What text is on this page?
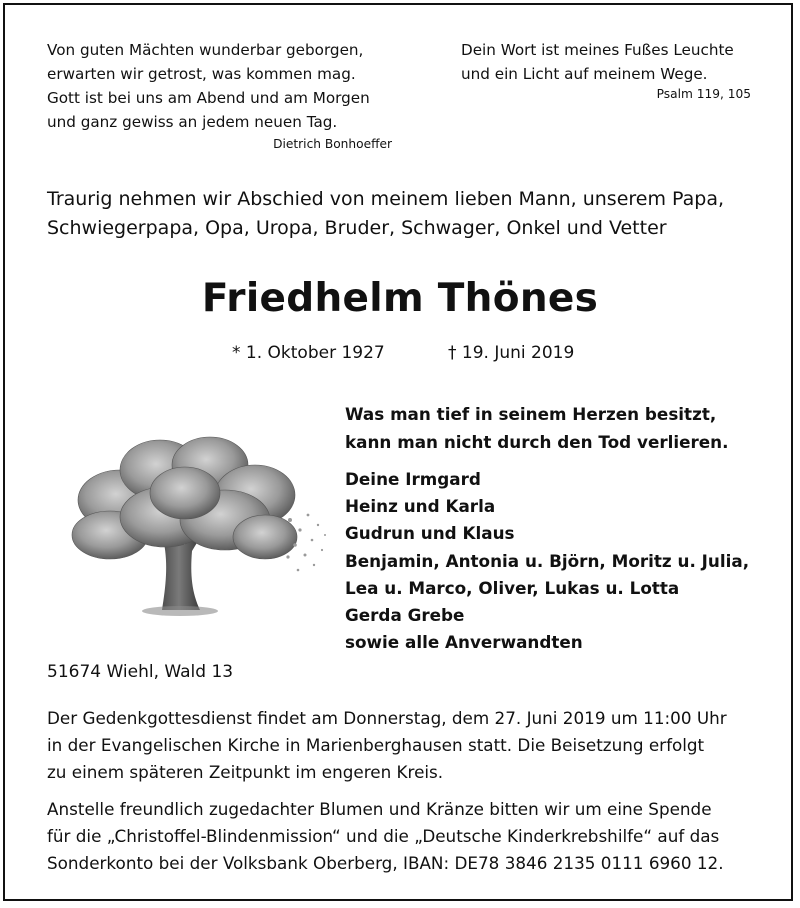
Von guten Mächten wunderbar geborgen,
erwarten wir getrost, was kommen mag.
Gott ist bei uns am Abend und am Morgen
und ganz gewiss an jedem neuen Tag.
Dietrich Bonhoeffer
Dein Wort ist meines Fußes Leuchte
und ein Licht auf meinem Wege.
Psalm 119, 105
Traurig nehmen wir Abschied von meinem lieben Mann, unserem Papa,
Schwiegerpapa, Opa, Uropa, Bruder, Schwager, Onkel und Vetter
Friedhelm Thönes
* 1. Oktober 1927	† 19. Juni 2019
Was man tief in seinem Herzen besitzt,
kann man nicht durch den Tod verlieren.
Deine Irmgard
Heinz und Karla
Gudrun und Klaus
Benjamin, Antonia u. Björn, Moritz u. Julia,
Lea u. Marco, Oliver, Lukas u. Lotta
Gerda Grebe
sowie alle Anverwandten
51674 Wiehl, Wald 13
Der Gedenkgottesdienst findet am Donnerstag, dem 27. Juni 2019 um 11:00 Uhr
in der Evangelischen Kirche in Marienberghausen statt. Die Beisetzung erfolgt
zu einem späteren Zeitpunkt im engeren Kreis.
Anstelle freundlich zugedachter Blumen und Kränze bitten wir um eine Spende
für die „Christoffel-Blindenmission“ und die „Deutsche Kinderkrebshilfe“ auf das
Sonderkonto bei der Volksbank Oberberg, IBAN: DE78 3846 2135 0111 6960 12.
